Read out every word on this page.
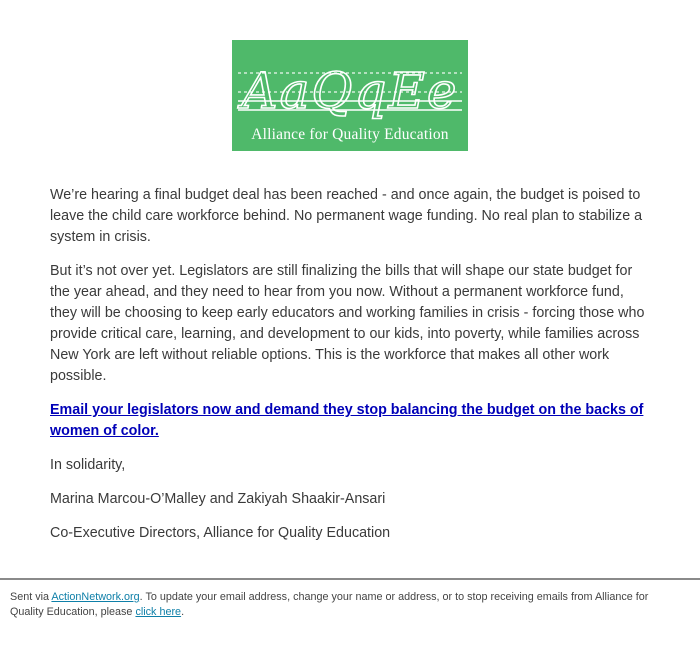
AaQqEe
Alliance for Quality Education

We’re hearing a final budget deal has been reached - and once again, the budget is poised to leave the child care workforce behind. No permanent wage funding. No real plan to stabilize a system in crisis.

But it’s not over yet. Legislators are still finalizing the bills that will shape our state budget for the year ahead, and they need to hear from you now. Without a permanent workforce fund, they will be choosing to keep early educators and working families in crisis - forcing those who provide critical care, learning, and development to our kids, into poverty, while families across New York are left without reliable options. This is the workforce that makes all other work possible.

Email your legislators now and demand they stop balancing the budget on the backs of women of color.

In solidarity,

Marina Marcou-O’Malley and Zakiyah Shaakir-Ansari

Co-Executive Directors, Alliance for Quality Education

Sent via ActionNetwork.org. To update your email address, change your name or address, or to stop receiving emails from Alliance for Quality Education, please click here.
